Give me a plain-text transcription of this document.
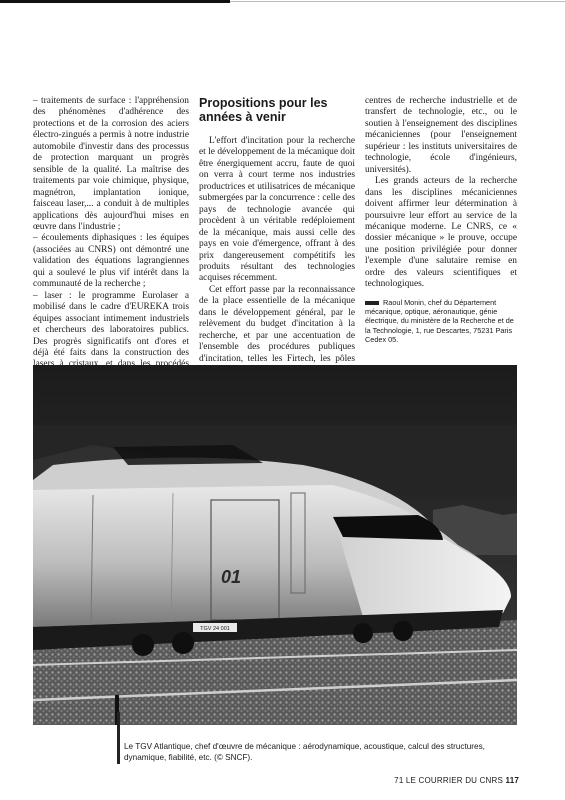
– traitements de surface : l'appréhension des phénomènes d'adhérence des protections et de la corrosion des aciers électro-zingués a permis à notre industrie automobile d'investir dans des processus de protection marquant un progrès sensible de la qualité. La maîtrise des traitements par voie chimique, physique, magnétron, implantation ionique, faisceau laser,... a conduit à de multiples applications dès aujourd'hui mises en œuvre dans l'industrie ;

– écoulements diphasiques : les équipes (associées au CNRS) ont démontré une validation des équations lagrangiennes qui a soulevé le plus vif intérêt dans la communauté de la recherche ;

– laser : le programme Eurolaser a mobilisé dans le cadre d'EUREKA trois équipes associant intimement industriels et chercheurs des laboratoires publics. Des progrès significatifs ont d'ores et déjà été faits dans la construction des

Propositions pour les années à venir

L'effort d'incitation pour la recherche et le développement de la mécanique doit être énergiquement accru, faute de quoi on verra à court terme nos industries productrices et utilisatrices de mécanique submergées par la concurrence : celle des pays de technologie avancée qui procèdent à un véritable redéploiement de la mécanique, mais aussi celle des pays en voie d'émergence, offrant à des prix dangereusement compétitifs les produits résultant des technologies acquises récemment.

Cet effort passe par la reconnaissance de la place essentielle de la mécanique dans le développement général, par le relèvement du budget d'incitation à la recherche, et par une accentuation de l'ensemble des procédures publiques d'incitation, telles les Firtech, les pôles

centres de recherche industrielle et de transfert de technologie, etc., ou le soutien à l'enseignement des disciplines mécaniciennes (pour l'enseignement supérieur : les instituts universitaires de technologie, école d'ingénieurs, universités).

Les grands acteurs de la recherche dans les disciplines mécaniciennes doivent affirmer leur détermination à poursuivre leur effort au service de la mécanique moderne. Le CNRS, ce « dossier mécanique » le prouve, occupe une position privilégiée pour donner l'exemple d'une salutaire remise en ordre des valeurs scientifiques et technologiques.

Raoul Monin, chef du Département mécanique, optique, aéronautique, génie électrique, du ministère de la Recherche et de la Technologie, 1, rue Descartes, 75231 Paris Cedex 05.
TGV 24 001
01
Le TGV Atlantique, chef d'œuvre de mécanique : aérodynamique, acoustique, calcul des structures, dynamique, fiabilité, etc. (© SNCF).
71 LE COURRIER DU CNRS 117
